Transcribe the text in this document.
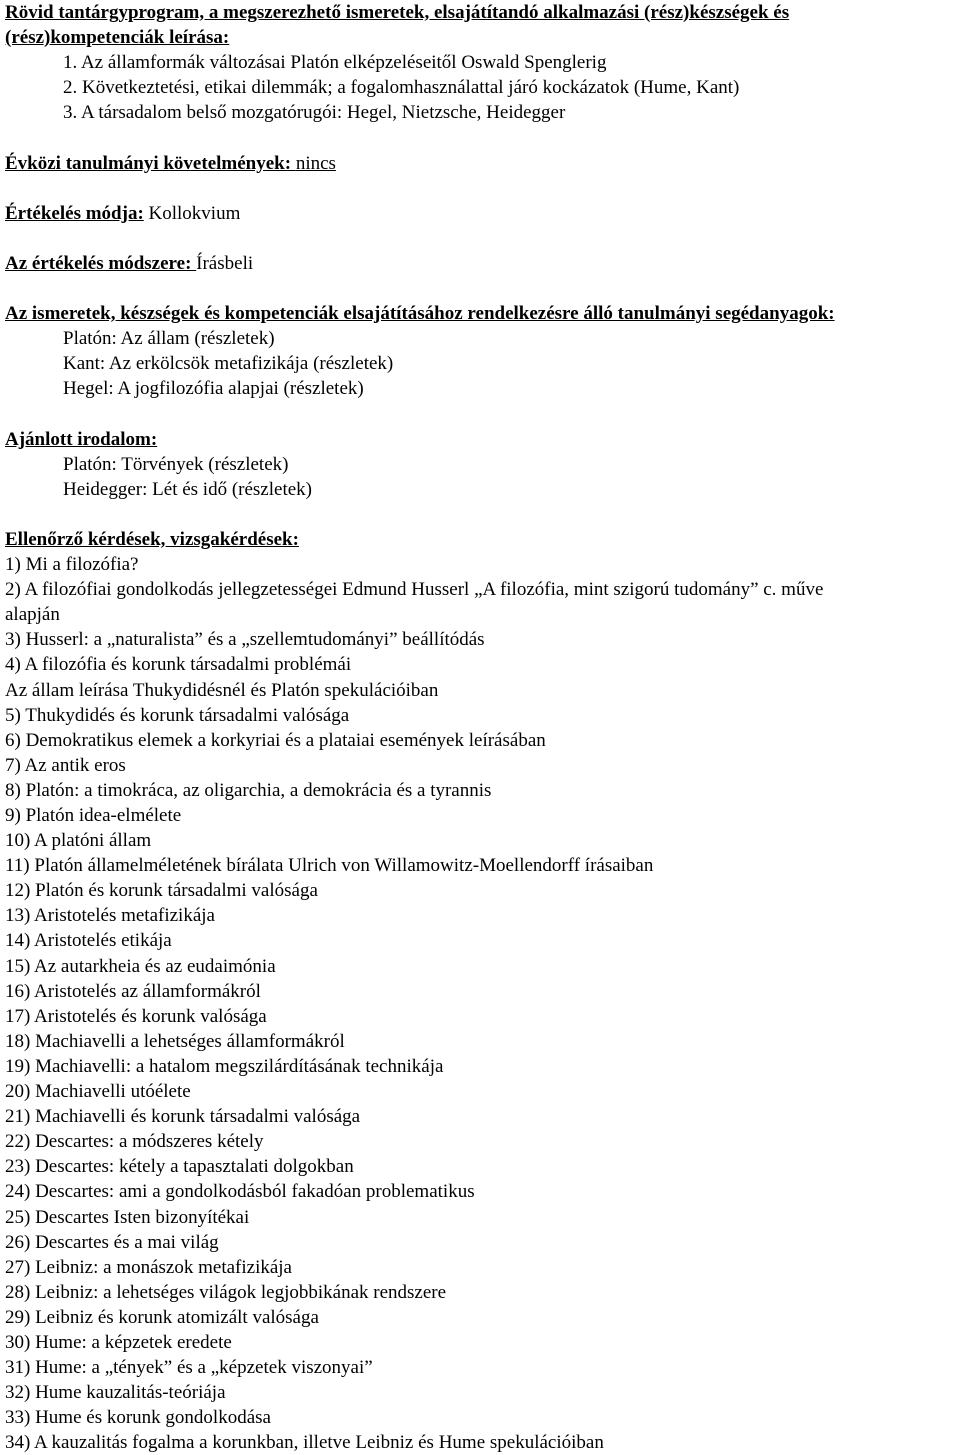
Rövid tantárgyprogram, a megszerezhető ismeretek, elsajátítandó alkalmazási (rész)készségek és
(rész)kompetenciák leírása:
1. Az államformák változásai Platón elképzeléseitől Oswald Spenglerig
2. Következtetési, etikai dilemmák; a fogalomhasználattal járó kockázatok (Hume, Kant)
3. A társadalom belső mozgatórugói: Hegel, Nietzsche, Heidegger
Évközi tanulmányi követelmények: nincs
Értékelés módja: Kollokvium
Az értékelés módszere: Írásbeli
Az ismeretek, készségek és kompetenciák elsajátításához rendelkezésre álló tanulmányi segédanyagok:
Platón: Az állam (részletek)
Kant: Az erkölcsök metafizikája (részletek)
Hegel: A jogfilozófia alapjai (részletek)
Ajánlott irodalom:
Platón: Törvények (részletek)
Heidegger: Lét és idő (részletek)
Ellenőrző kérdések, vizsgakérdések:
1) Mi a filozófia?
2) A filozófiai gondolkodás jellegzetességei Edmund Husserl „A filozófia, mint szigorú tudomány” c. műve
alapján
3) Husserl: a „naturalista” és a „szellemtudományi” beállítódás
4) A filozófia és korunk társadalmi problémái
Az állam leírása Thukydidésnél és Platón spekulációiban
5) Thukydidés és korunk társadalmi valósága
6) Demokratikus elemek a korkyriai és a plataiai események leírásában
7) Az antik eros
8) Platón: a timokráca, az oligarchia, a demokrácia és a tyrannis
9) Platón idea-elmélete
10) A platóni állam
11) Platón államelméletének bírálata Ulrich von Willamowitz-Moellendorff írásaiban
12) Platón és korunk társadalmi valósága
13) Aristotelés metafizikája
14) Aristotelés etikája
15) Az autarkheia és az eudaimónia
16) Aristotelés az államformákról
17) Aristotelés és korunk valósága
18) Machiavelli a lehetséges államformákról
19) Machiavelli: a hatalom megszilárdításának technikája
20) Machiavelli utóélete
21) Machiavelli és korunk társadalmi valósága
22) Descartes: a módszeres kétely
23) Descartes: kétely a tapasztalati dolgokban
24) Descartes: ami a gondolkodásból fakadóan problematikus
25) Descartes Isten bizonyítékai
26) Descartes és a mai világ
27) Leibniz: a monászok metafizikája
28) Leibniz: a lehetséges világok legjobbikának rendszere
29) Leibniz és korunk atomizált valósága
30) Hume: a képzetek eredete
31) Hume: a „tények” és a „képzetek viszonyai”
32) Hume kauzalitás-teóriája
33) Hume és korunk gondolkodása
34) A kauzalitás fogalma a korunkban, illetve Leibniz és Hume spekulációiban
